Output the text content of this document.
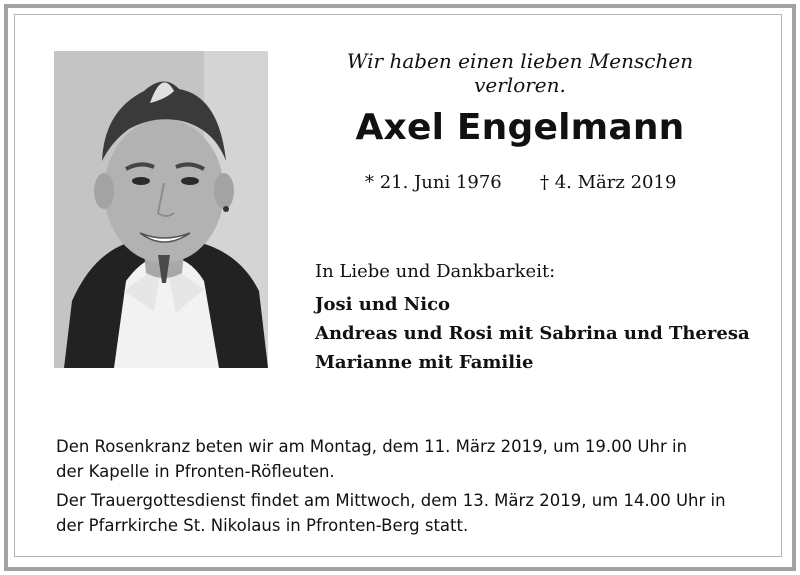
Wir haben einen lieben Menschen verloren.
Axel Engelmann
* 21. Juni 1976 † 4. März 2019
In Liebe und Dankbarkeit:
Josi und Nico
Andreas und Rosi mit Sabrina und Theresa
Marianne mit Familie
Den Rosenkranz beten wir am Montag, dem 11. März 2019, um 19.00 Uhr in
der Kapelle in Pfronten-Röfleuten.
Der Trauergottesdienst findet am Mittwoch, dem 13. März 2019, um 14.00 Uhr in
der Pfarrkirche St. Nikolaus in Pfronten-Berg statt.
